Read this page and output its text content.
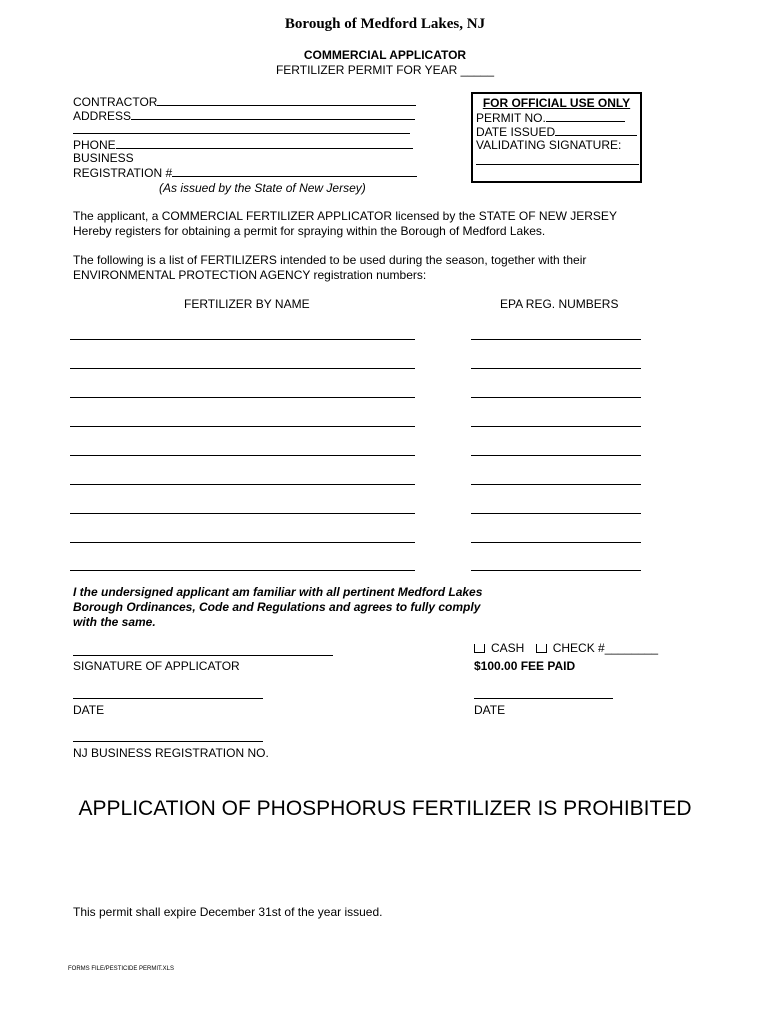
Borough of Medford Lakes, NJ
COMMERCIAL APPLICATOR
FERTILIZER PERMIT FOR YEAR _____
CONTRACTOR
ADDRESS
PHONE
BUSINESS
REGISTRATION #
(As issued by the State of New Jersey)
FOR OFFICIAL USE ONLY
PERMIT NO.
DATE ISSUED
VALIDATING SIGNATURE:
The applicant, a COMMERCIAL FERTILIZER APPLICATOR licensed by the STATE OF NEW JERSEY
Hereby registers for obtaining a permit for spraying within the Borough of Medford Lakes.
The following is a list of FERTILIZERS intended to be used during the season, together with their
ENVIRONMENTAL PROTECTION AGENCY registration numbers:
FERTILIZER BY NAME	EPA REG. NUMBERS
I the undersigned applicant am familiar with all pertinent Medford Lakes
Borough Ordinances, Code and Regulations and agrees to fully comply
with the same.
CASH CHECK #________
$100.00 FEE PAID
SIGNATURE OF APPLICATOR
DATE	DATE
NJ BUSINESS REGISTRATION NO.
APPLICATION OF PHOSPHORUS FERTILIZER IS PROHIBITED
This permit shall expire December 31st of the year issued.
FORMS FILE/PESTICIDE PERMIT.XLS
